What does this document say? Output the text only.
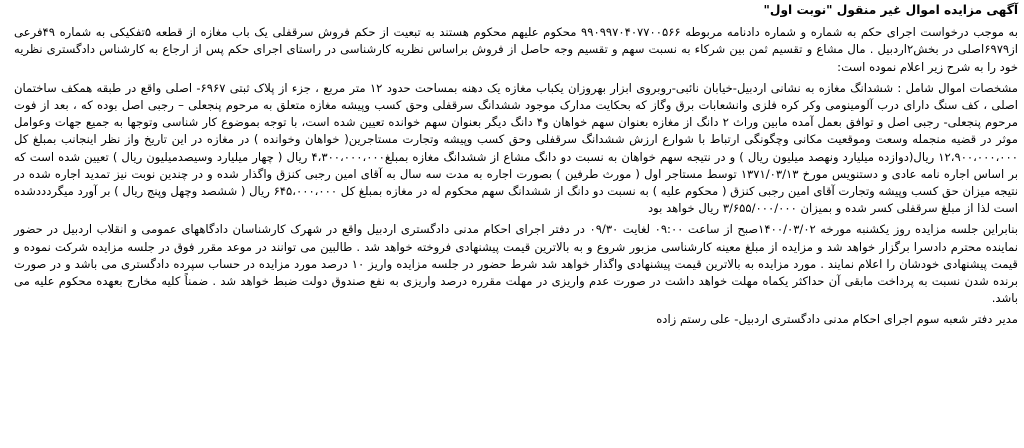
آگهی مزایده اموال غیر منقول "نوبت اول"

به موجب درخواست اجرای حکم به شماره و شماره دادنامه مربوطه ۹۹۰۹۹۷۰۴۰۷۷۰۰۵۶۶ محکوم علیهم محکوم هستند به تبعیت از حکم فروش سرقفلی یک باب مغازه از قطعه ۵تفکیکی به شماره ۴۹فرعی از۶۹۷۹اصلی در بخش۲اردبیل . مال مشاع و تقسیم ثمن بین شرکاء به نسبت سهم و تقسیم وجه حاصل از فروش براساس نظریه کارشناسی در راستای اجرای حکم پس از ارجاع به کارشناس دادگستری نظریه خود را به شرح زیر اعلام نموده است:

مشخصات اموال شامل : ششدانگ مغازه به نشانی اردبیل-خیابان نائبی-روبروی ابزار بهروزان یکباب مغازه یک دهنه بمساحت حدود ۱۲ متر مربع ، جزء از پلاک ثبتی ۶۹۶۷- اصلی واقع در طبقه همکف ساختمان اصلی ، کف سنگ دارای درب آلومینومی وکر کره فلزی وانشعابات برق وگاز که بحکایت مدارک موجود ششدانگ سرقفلی وحق کسب وپیشه مغازه متعلق به مرحوم پنجعلی – رجبی اصل بوده که ، بعد از فوت مرحوم پنجعلی- رجبی اصل و توافق بعمل آمده مابین وراث ۲ دانگ از مغازه بعنوان سهم خواهان و۴ دانگ دیگر بعنوان سهم خوانده تعیین شده است، با توجه بموضوع کار شناسی وتوجها به جمیع جهات وعوامل موثر در قضیه منجمله وسعت وموقعیت مکانی وچگونگی ارتباط با شوارع ارزش ششدانگ سرقفلی وحق کسب وپیشه وتجارت مستاجرین( خواهان وخوانده ) در مغازه در این تاریخ واز نظر اینجانب بمبلغ کل ۱۲،۹۰۰،۰۰۰،۰۰۰ ریال(دوازده میلیارد ونهصد میلیون ریال ) و در نتیجه سهم خواهان به نسبت دو دانگ مشاع از ششدانگ مغازه بمبلغ۴،۳۰۰،۰۰۰،۰۰۰ ریال ( چهار میلیارد وسیصدمیلیون ریال ) تعیین شده است که بر اساس اجاره نامه عادی و دستنویس مورخ ۱۳۷۱/۰۳/۱۳ توسط مستاجر اول ( مورث طرفین ) بصورت اجاره به مدت سه سال به آقای امین رجبی کنزق واگذار شده و در چندین نوبت نیز تمدید اجاره شده در نتیجه میزان حق کسب وپیشه وتجارت آقای امین رجبی کنزق ( محکوم علیه ) به نسبت دو دانگ از ششدانگ سهم محکوم له در مغازه بمبلغ کل ۶۴۵،۰۰۰،۰۰۰ ریال ( ششصد وچهل وپنج ریال ) بر آورد میگردددشده است لذا از مبلغ سرقفلی کسر شده و بمیزان ۳/۶۵۵/۰۰۰/۰۰۰ ریال خواهد بود

بنابراین جلسه مزایده روز یکشنبه مورخه ۱۴۰۰/۰۳/۰۲صبح از ساعت ۰۹:۰۰ لغایت ۰۹/۳۰ در دفتر اجرای احکام مدنی دادگستری اردبیل واقع در شهرک کارشناسان دادگاههای عمومی و انقلاب اردبیل در حضور نماینده محترم دادسرا برگزار خواهد شد و مزایده از مبلغ معینه کارشناسی مزبور شروع و به بالاترین قیمت پیشنهادی فروخته خواهد شد . طالبین می توانند در موعد مقرر فوق در جلسه مزایده شرکت نموده و قیمت پیشنهادی خودشان را اعلام نمایند . مورد مزایده به بالاترین قیمت پیشنهادی واگذار خواهد شد شرط حضور در جلسه مزایده واریز ۱۰ درصد مورد مزایده در حساب سپرده دادگستری می باشد و در صورت برنده شدن نسبت به پرداخت مابقی آن حداکثر یکماه مهلت خواهد داشت در صورت عدم واریزی در مهلت مقرره درصد واریزی به نفع صندوق دولت ضبط خواهد شد . ضمناً کلیه مخارج بعهده محکوم علیه می باشد.

مدیر دفتر شعبه سوم اجرای احکام مدنی دادگستری اردبیل- علی رستم زاده
